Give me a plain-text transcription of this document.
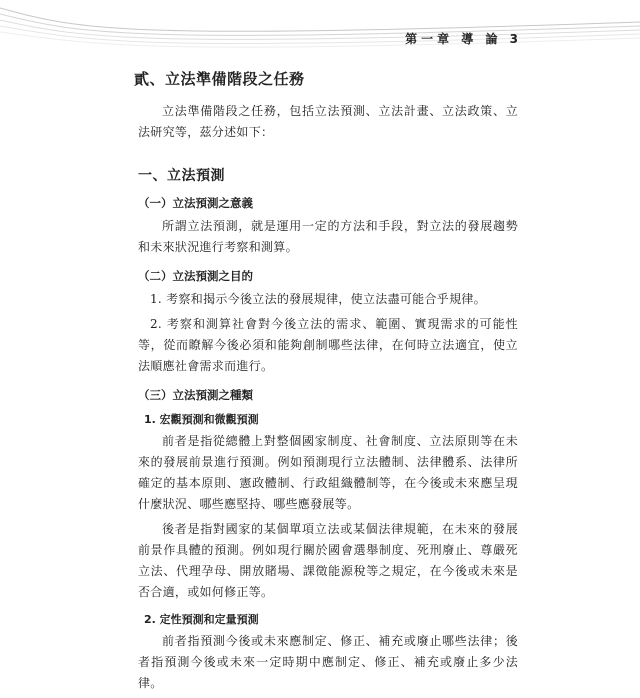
第一章 導 論 3
貳、立法準備階段之任務

立法準備階段之任務，包括立法預測、立法計畫、立法政策、立法研究等，茲分述如下：

一、立法預測
（一）立法預測之意義

所謂立法預測，就是運用一定的方法和手段，對立法的發展趨勢和未來狀況進行考察和測算。

（二）立法預測之目的

1. 考察和揭示今後立法的發展規律，使立法盡可能合乎規律。

2. 考察和測算社會對今後立法的需求、範圍、實現需求的可能性等，從而瞭解今後必須和能夠創制哪些法律，在何時立法適宜，使立法順應社會需求而進行。

（三）立法預測之種類
1. 宏觀預測和微觀預測

前者是指從總體上對整個國家制度、社會制度、立法原則等在未來的發展前景進行預測。例如預測現行立法體制、法律體系、法律所確定的基本原則、憲政體制、行政組織體制等，在今後或未來應呈現什麼狀況、哪些應堅持、哪些應發展等。

後者是指對國家的某個單項立法或某個法律規範，在未來的發展前景作具體的預測。例如現行關於國會選舉制度、死刑廢止、尊嚴死立法、代理孕母、開放賭場、課徵能源稅等之規定，在今後或未來是否合適，或如何修正等。

2. 定性預測和定量預測

前者指預測今後或未來應制定、修正、補充或廢止哪些法律；後者指預測今後或未來一定時期中應制定、修正、補充或廢止多少法律。
